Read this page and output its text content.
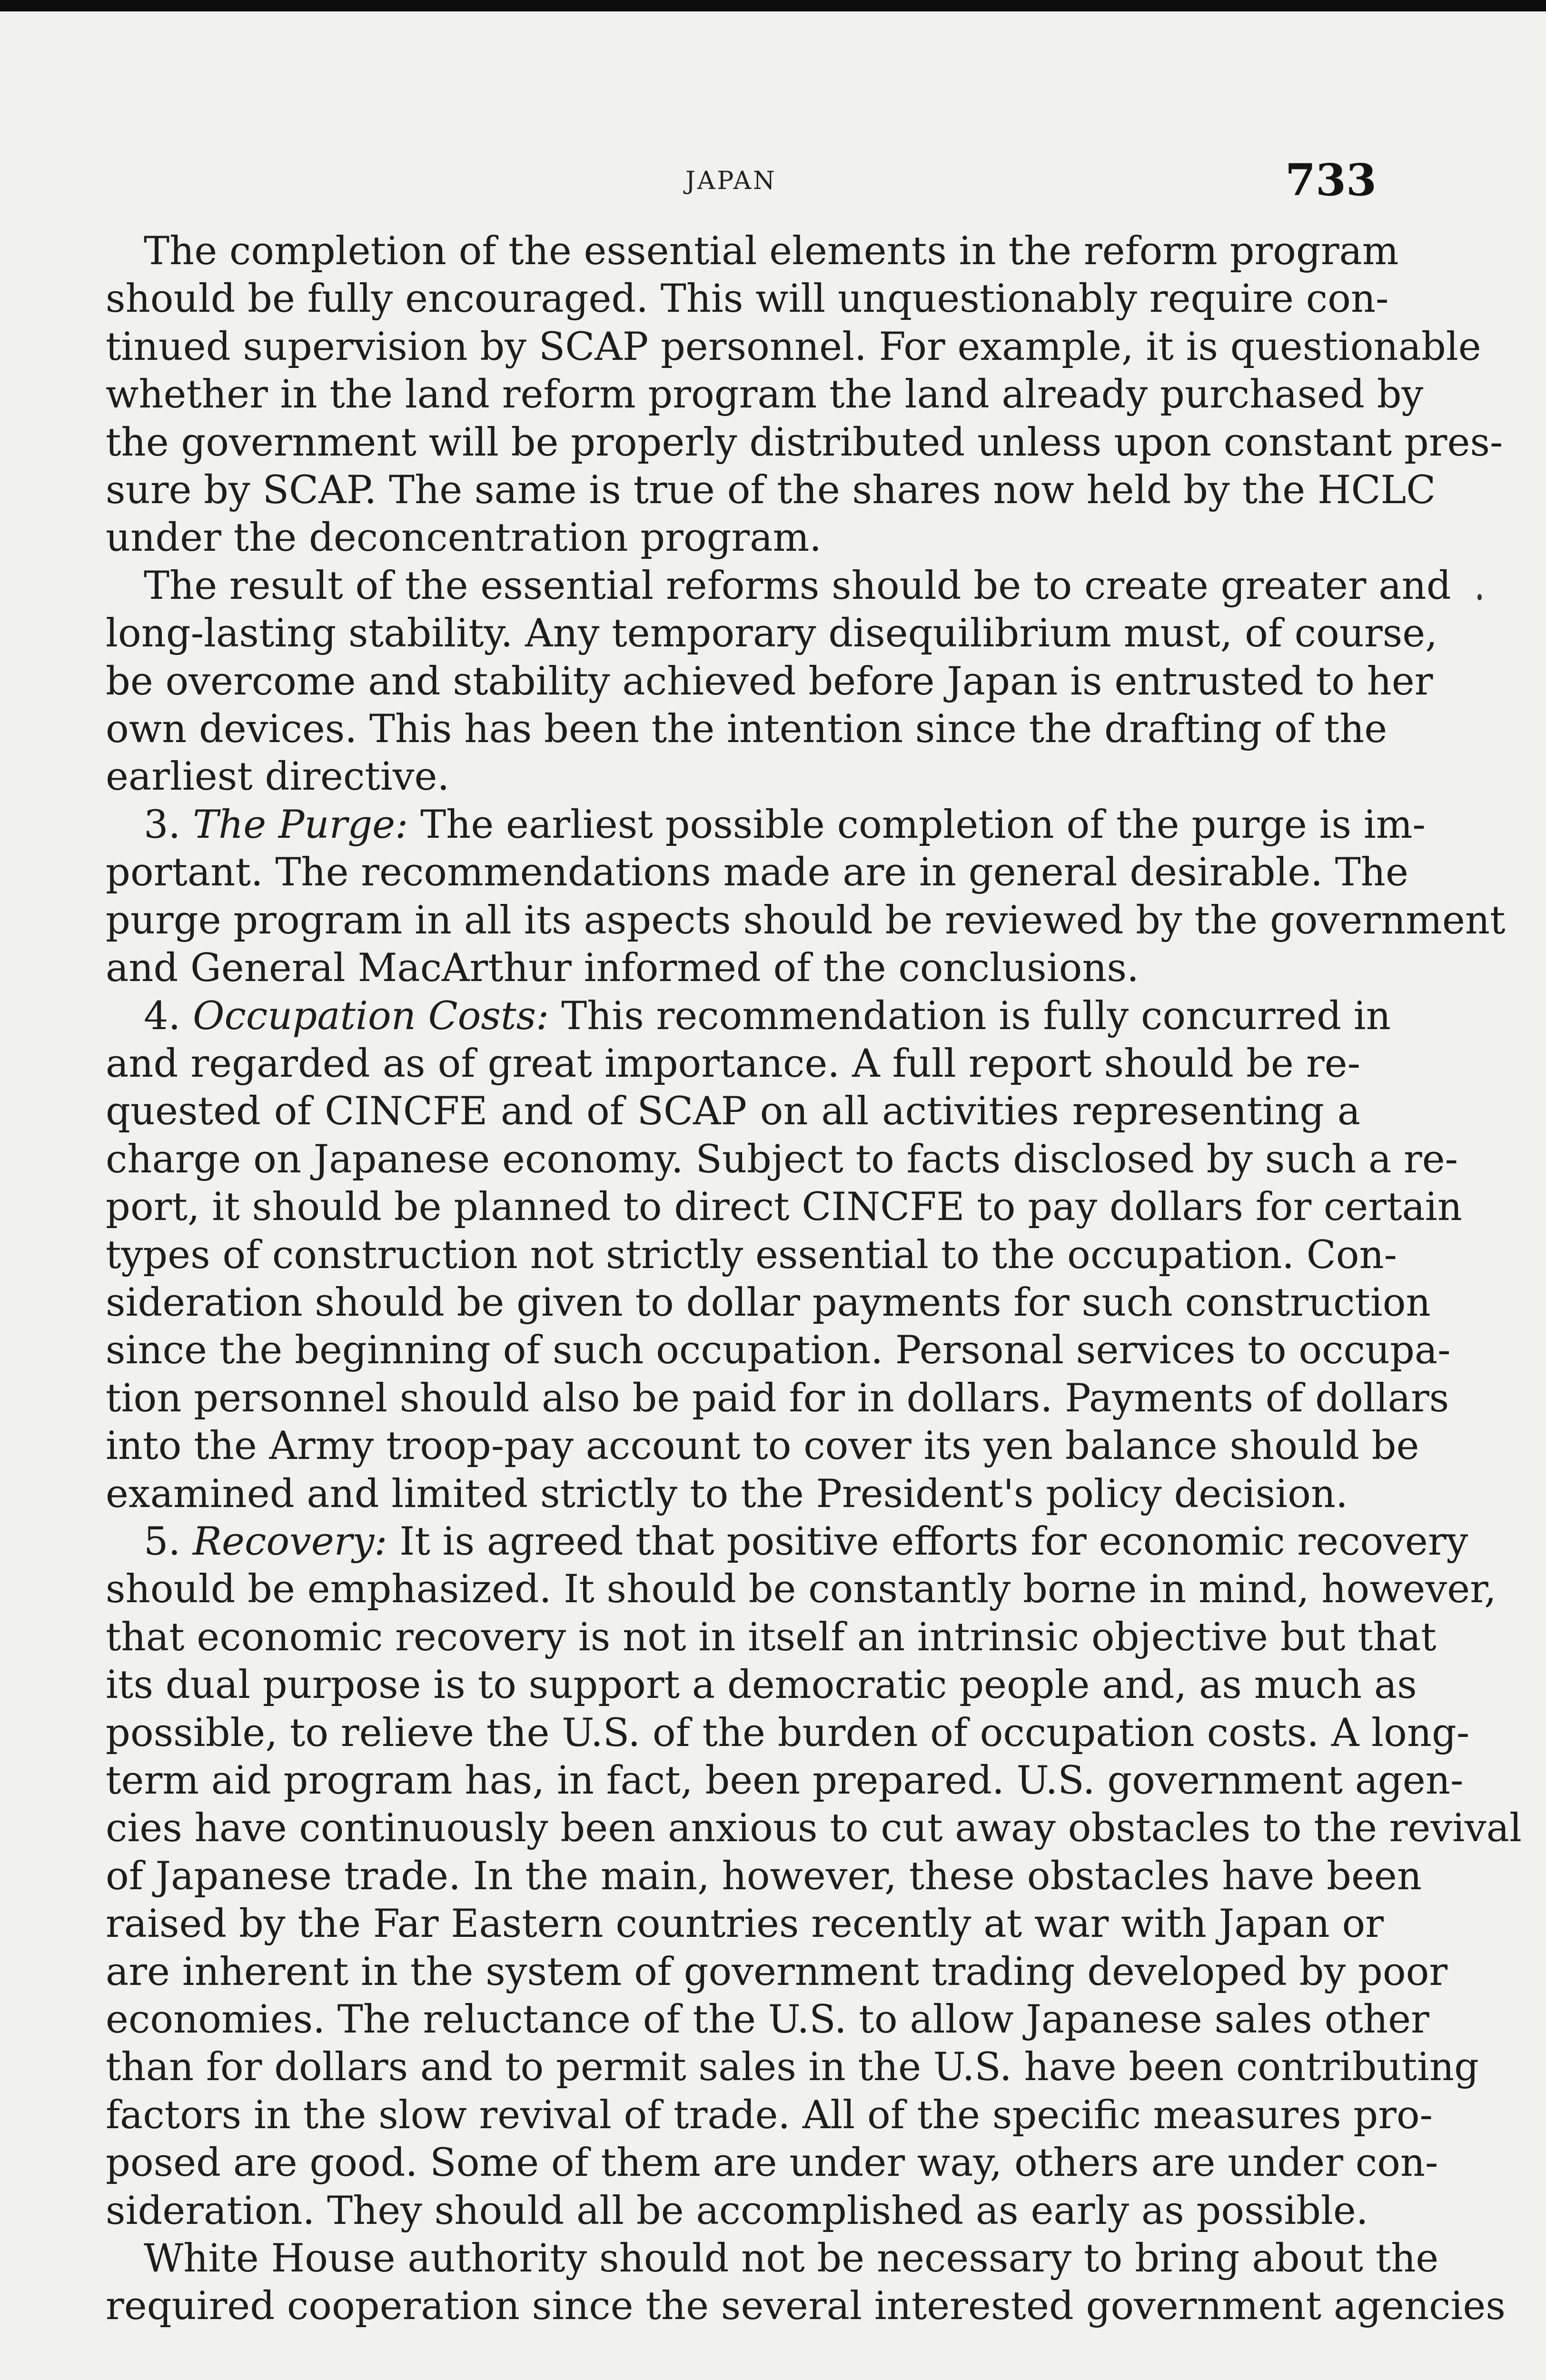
JAPAN	733
The completion of the essential elements in the reform program
should be fully encouraged. This will unquestionably require con-
tinued supervision by SCAP personnel. For example, it is questionable
whether in the land reform program the land already purchased by
the government will be properly distributed unless upon constant pres-
sure by SCAP. The same is true of the shares now held by the HCLC
under the deconcentration program.
The result of the essential reforms should be to create greater and
long-lasting stability. Any temporary disequilibrium must, of course,
be overcome and stability achieved before Japan is entrusted to her
own devices. This has been the intention since the drafting of the
earliest directive.
3. The Purge: The earliest possible completion of the purge is im-
portant. The recommendations made are in general desirable. The
purge program in all its aspects should be reviewed by the government
and General MacArthur informed of the conclusions.
4. Occupation Costs: This recommendation is fully concurred in
and regarded as of great importance. A full report should be re-
quested of CINCFE and of SCAP on all activities representing a
charge on Japanese economy. Subject to facts disclosed by such a re-
port, it should be planned to direct CINCFE to pay dollars for certain
types of construction not strictly essential to the occupation. Con-
sideration should be given to dollar payments for such construction
since the beginning of such occupation. Personal services to occupa-
tion personnel should also be paid for in dollars. Payments of dollars
into the Army troop-pay account to cover its yen balance should be
examined and limited strictly to the President's policy decision.
5. Recovery: It is agreed that positive efforts for economic recovery
should be emphasized. It should be constantly borne in mind, however,
that economic recovery is not in itself an intrinsic objective but that
its dual purpose is to support a democratic people and, as much as
possible, to relieve the U.S. of the burden of occupation costs. A long-
term aid program has, in fact, been prepared. U.S. government agen-
cies have continuously been anxious to cut away obstacles to the revival
of Japanese trade. In the main, however, these obstacles have been
raised by the Far Eastern countries recently at war with Japan or
are inherent in the system of government trading developed by poor
economies. The reluctance of the U.S. to allow Japanese sales other
than for dollars and to permit sales in the U.S. have been contributing
factors in the slow revival of trade. All of the specific measures pro-
posed are good. Some of them are under way, others are under con-
sideration. They should all be accomplished as early as possible.
White House authority should not be necessary to bring about the
required cooperation since the several interested government agencies
